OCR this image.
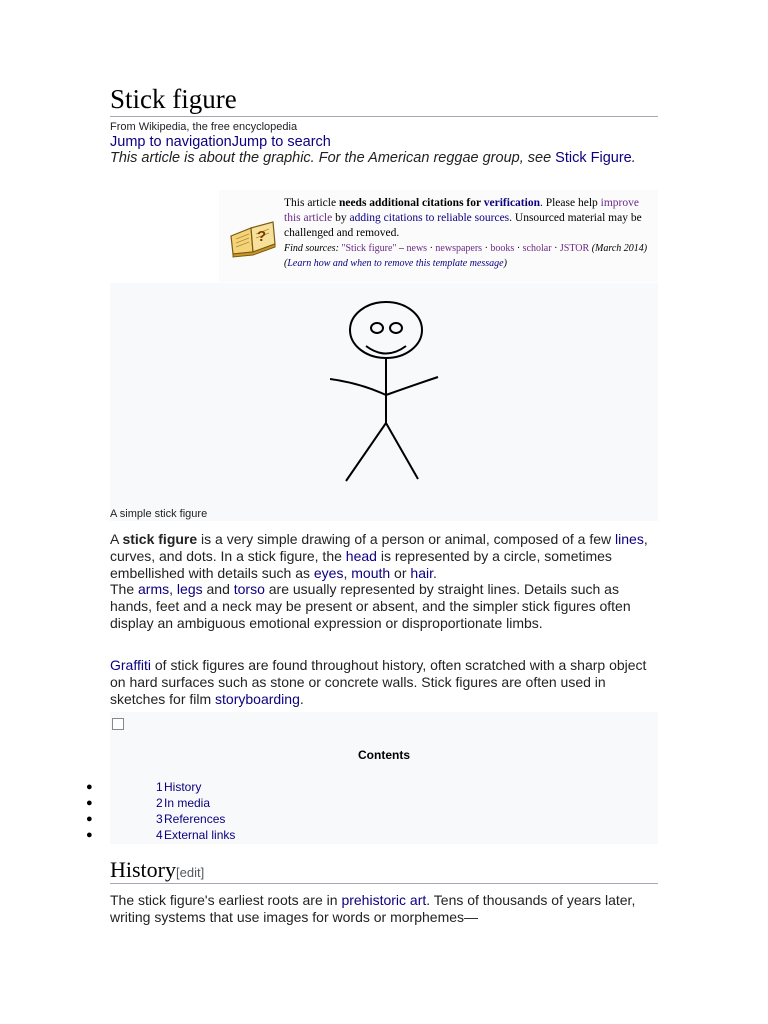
Stick figure
From Wikipedia, the free encyclopedia
Jump to navigationJump to search
This article is about the graphic. For the American reggae group, see Stick Figure.
?
This article needs additional citations for verification. Please help improve this article by adding citations to reliable sources. Unsourced material may be challenged and removed.
Find sources: "Stick figure" – news · newspapers · books · scholar · JSTOR (March 2014) (Learn how and when to remove this template message)
A simple stick figure
A stick figure is a very simple drawing of a person or animal, composed of a few lines, curves, and dots. In a stick figure, the head is represented by a circle, sometimes embellished with details such as eyes, mouth or hair.
The arms, legs and torso are usually represented by straight lines. Details such as hands, feet and a neck may be present or absent, and the simpler stick figures often display an ambiguous emotional expression or disproportionate limbs.
Graffiti of stick figures are found throughout history, often scratched with a sharp object on hard surfaces such as stone or concrete walls. Stick figures are often used in sketches for film storyboarding.
Contents
●	1 History
●	2 In media
●	3 References
●	4 External links
History[edit]
The stick figure's earliest roots are in prehistoric art. Tens of thousands of years later, writing systems that use images for words or morphemes—
